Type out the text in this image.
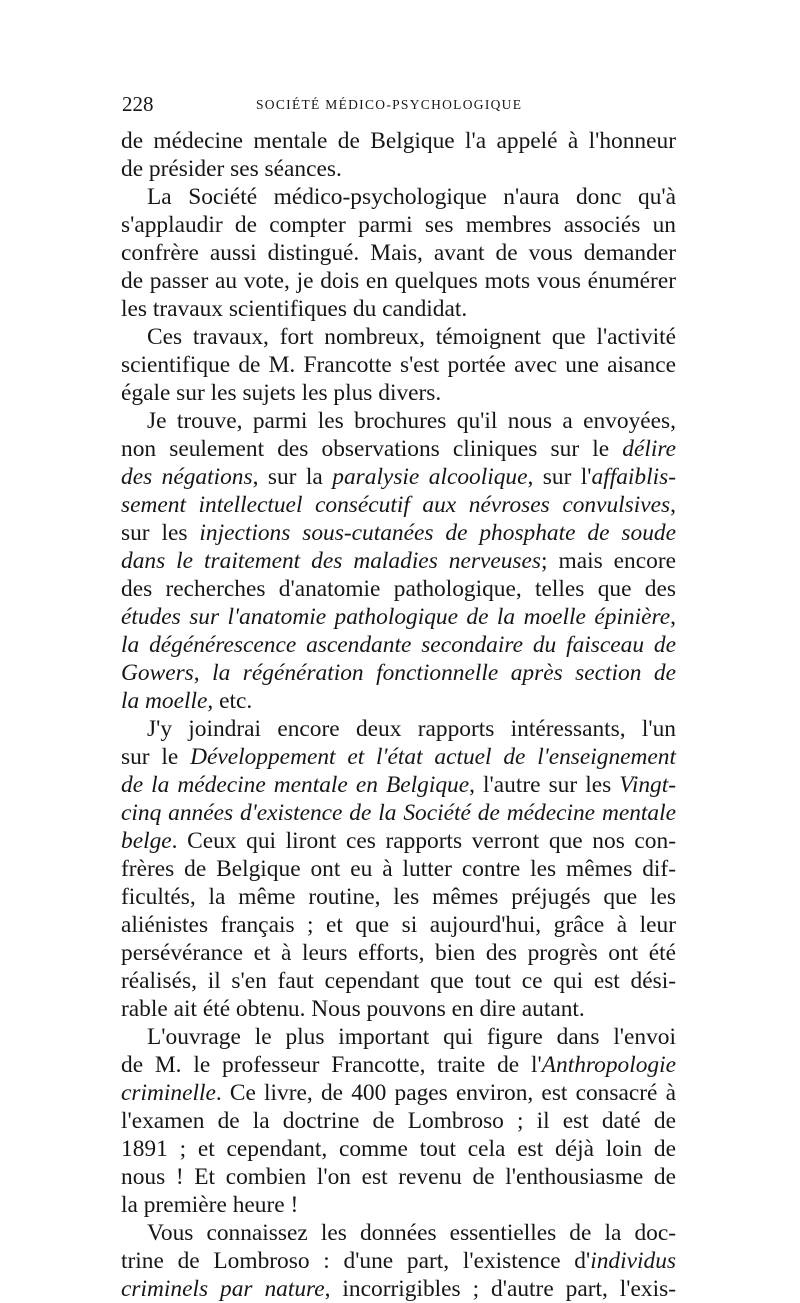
228	SOCIÉTÉ MÉDICO-PSYCHOLOGIQUE
de médecine mentale de Belgique l'a appelé à l'honneur
de présider ses séances.
La Société médico-psychologique n'aura donc qu'à
s'applaudir de compter parmi ses membres associés un
confrère aussi distingué. Mais, avant de vous demander
de passer au vote, je dois en quelques mots vous énumérer
les travaux scientifiques du candidat.
Ces travaux, fort nombreux, témoignent que l'activité
scientifique de M. Francotte s'est portée avec une aisance
égale sur les sujets les plus divers.
Je trouve, parmi les brochures qu'il nous a envoyées,
non seulement des observations cliniques sur le délire
des négations, sur la paralysie alcoolique, sur l'affaiblis-
sement intellectuel consécutif aux névroses convulsives,
sur les injections sous-cutanées de phosphate de soude
dans le traitement des maladies nerveuses; mais encore
des recherches d'anatomie pathologique, telles que des
études sur l'anatomie pathologique de la moelle épinière,
la dégénérescence ascendante secondaire du faisceau de
Gowers, la régénération fonctionnelle après section de
la moelle, etc.
J'y joindrai encore deux rapports intéressants, l'un
sur le Développement et l'état actuel de l'enseignement
de la médecine mentale en Belgique, l'autre sur les Vingt-
cinq années d'existence de la Société de médecine mentale
belge. Ceux qui liront ces rapports verront que nos con-
frères de Belgique ont eu à lutter contre les mêmes dif-
ficultés, la même routine, les mêmes préjugés que les
aliénistes français ; et que si aujourd'hui, grâce à leur
persévérance et à leurs efforts, bien des progrès ont été
réalisés, il s'en faut cependant que tout ce qui est dési-
rable ait été obtenu. Nous pouvons en dire autant.
L'ouvrage le plus important qui figure dans l'envoi
de M. le professeur Francotte, traite de l'Anthropologie
criminelle. Ce livre, de 400 pages environ, est consacré à
l'examen de la doctrine de Lombroso ; il est daté de
1891 ; et cependant, comme tout cela est déjà loin de
nous ! Et combien l'on est revenu de l'enthousiasme de
la première heure !
Vous connaissez les données essentielles de la doc-
trine de Lombroso : d'une part, l'existence d'individus
criminels par nature, incorrigibles ; d'autre part, l'exis-
